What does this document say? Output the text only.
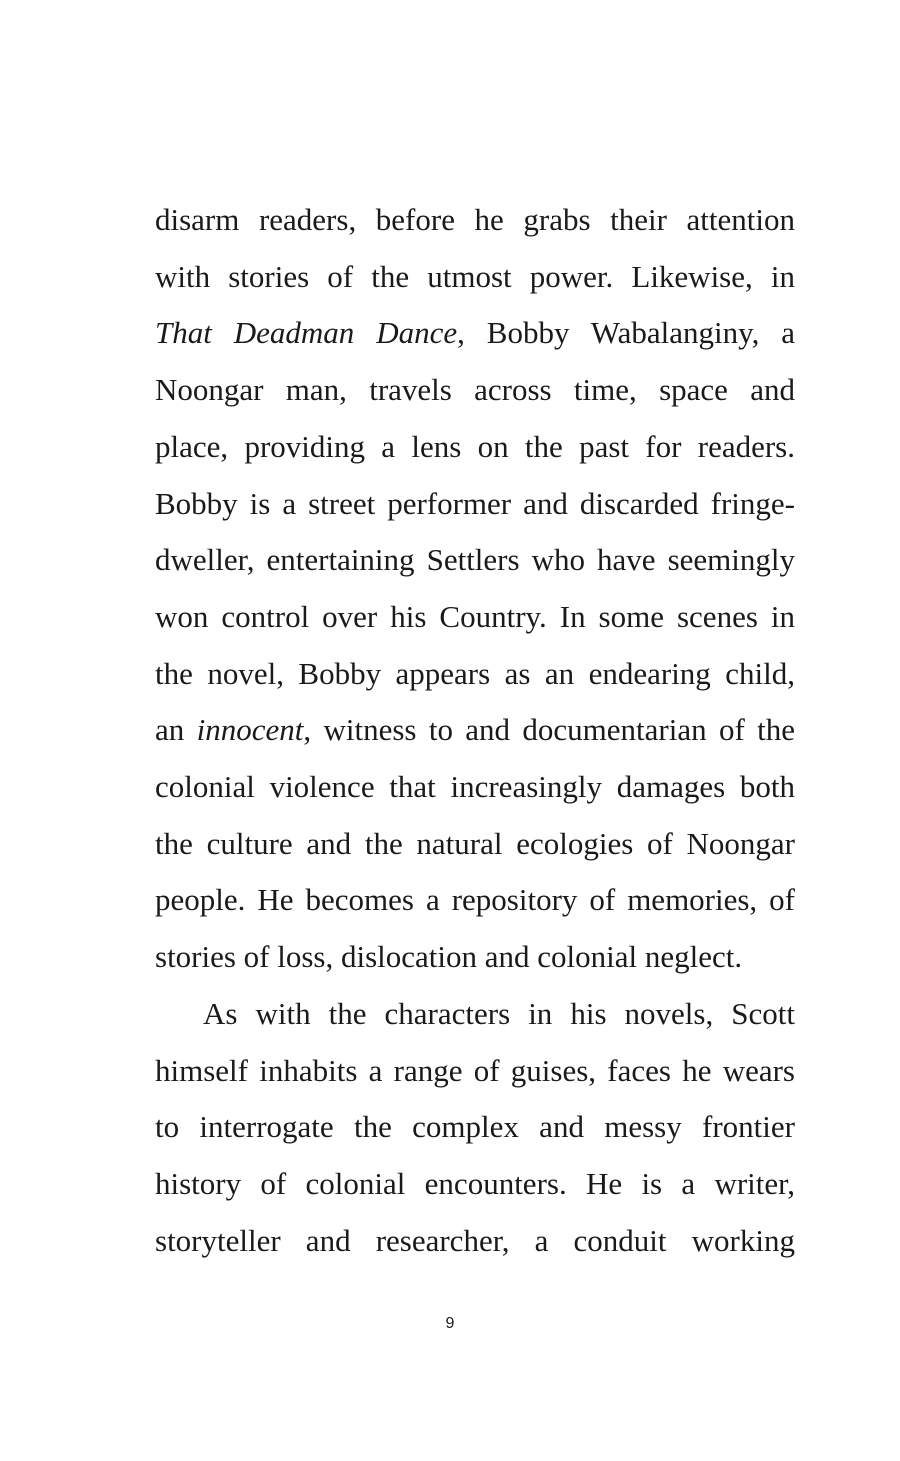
disarm readers, before he grabs their attention
with stories of the utmost power. Likewise, in
That Deadman Dance, Bobby Wabalanginy, a
Noongar man, travels across time, space and
place, providing a lens on the past for readers.
Bobby is a street performer and discarded fringe-
dweller, entertaining Settlers who have seemingly
won control over his Country. In some scenes in
the novel, Bobby appears as an endearing child,
an innocent, witness to and documentarian of the
colonial violence that increasingly damages both
the culture and the natural ecologies of Noongar
people. He becomes a repository of memories, of
stories of loss, dislocation and colonial neglect.
As with the characters in his novels, Scott
himself inhabits a range of guises, faces he wears
to interrogate the complex and messy frontier
history of colonial encounters. He is a writer,
storyteller and researcher, a conduit working
9
